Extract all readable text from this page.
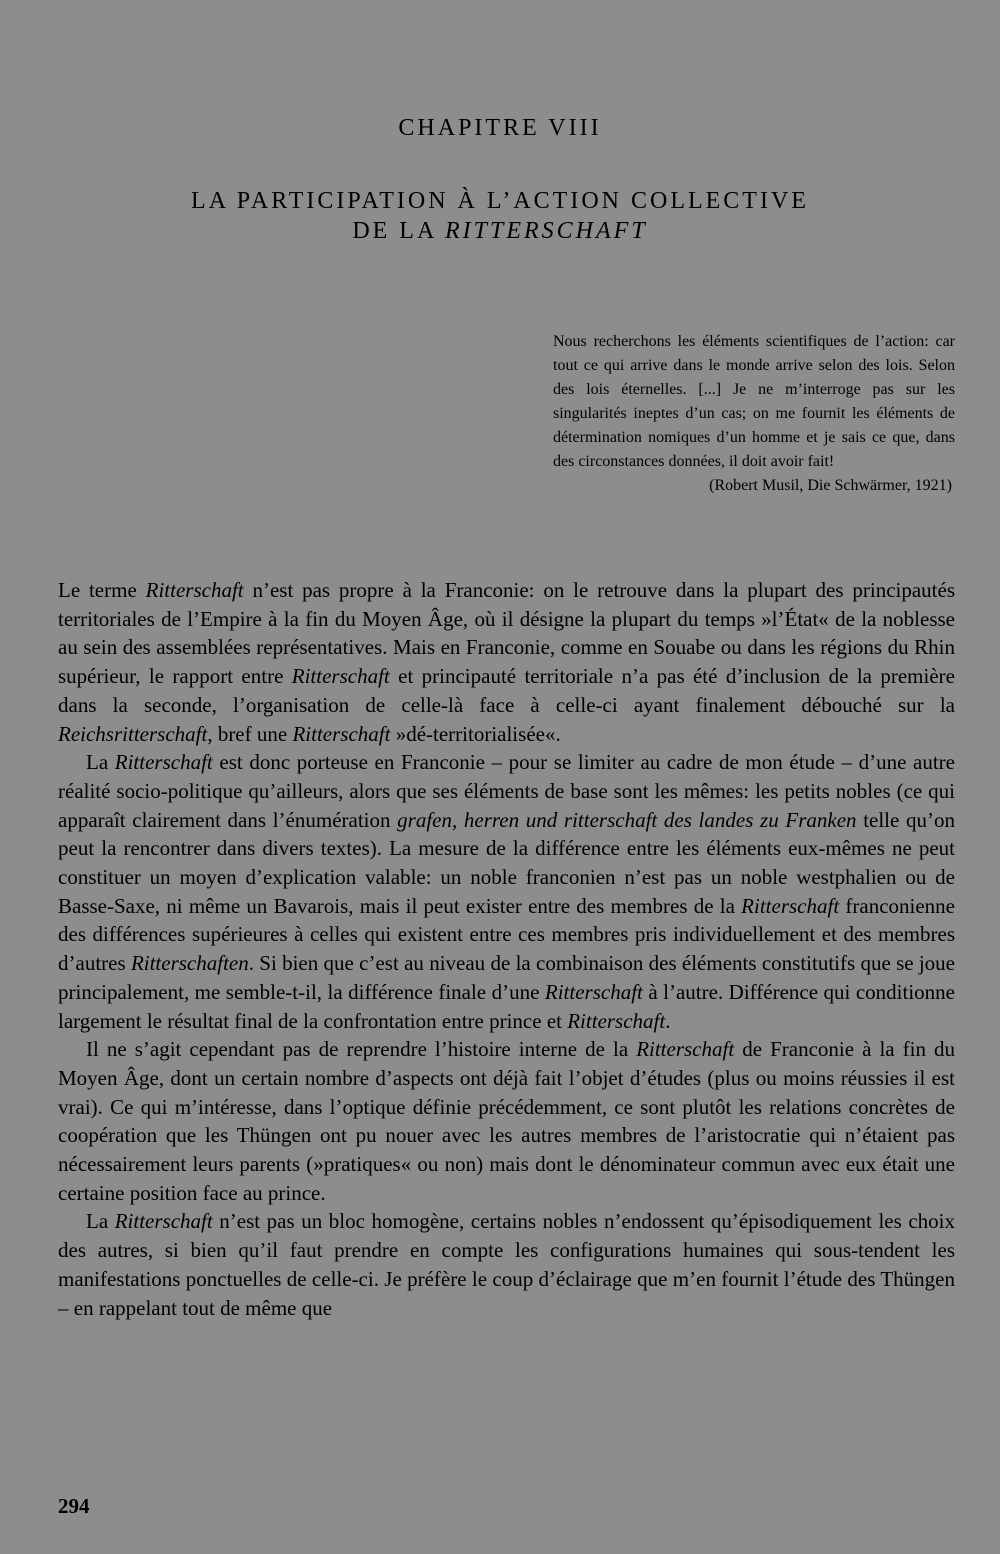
CHAPITRE VIII
LA PARTICIPATION À L’ACTION COLLECTIVE
DE LA RITTERSCHAFT

Nous recherchons les éléments scientifiques de l’action: car tout ce qui arrive dans le monde arrive selon des lois. Selon des lois éternelles. [...] Je ne m’interroge pas sur les singularités ineptes d’un cas; on me fournit les éléments de détermination nomiques d’un homme et je sais ce que, dans des circonstances données, il doit avoir fait!

(Robert Musil, Die Schwärmer, 1921)

Le terme Ritterschaft n’est pas propre à la Franconie: on le retrouve dans la plupart des principautés territoriales de l’Empire à la fin du Moyen Âge, où il désigne la plupart du temps »l’État« de la noblesse au sein des assemblées représentatives. Mais en Franconie, comme en Souabe ou dans les régions du Rhin supérieur, le rapport entre Ritterschaft et principauté territoriale n’a pas été d’inclusion de la première dans la seconde, l’organisation de celle-là face à celle-ci ayant finalement débouché sur la Reichsritterschaft, bref une Ritterschaft »dé-territorialisée«.

La Ritterschaft est donc porteuse en Franconie – pour se limiter au cadre de mon étude – d’une autre réalité socio-politique qu’ailleurs, alors que ses éléments de base sont les mêmes: les petits nobles (ce qui apparaît clairement dans l’énumération grafen, herren und ritterschaft des landes zu Franken telle qu’on peut la rencontrer dans divers textes). La mesure de la différence entre les éléments eux-mêmes ne peut constituer un moyen d’explication valable: un noble franconien n’est pas un noble westphalien ou de Basse-Saxe, ni même un Bavarois, mais il peut exister entre des membres de la Ritterschaft franconienne des différences supérieures à celles qui existent entre ces membres pris individuellement et des membres d’autres Ritterschaften. Si bien que c’est au niveau de la combinaison des éléments constitutifs que se joue principalement, me semble-t-il, la différence finale d’une Ritterschaft à l’autre. Différence qui conditionne largement le résultat final de la confrontation entre prince et Ritterschaft.

Il ne s’agit cependant pas de reprendre l’histoire interne de la Ritterschaft de Franconie à la fin du Moyen Âge, dont un certain nombre d’aspects ont déjà fait l’objet d’études (plus ou moins réussies il est vrai). Ce qui m’intéresse, dans l’optique définie précédemment, ce sont plutôt les relations concrètes de coopération que les Thüngen ont pu nouer avec les autres membres de l’aristocratie qui n’étaient pas nécessairement leurs parents (»pratiques« ou non) mais dont le dénominateur commun avec eux était une certaine position face au prince.

La Ritterschaft n’est pas un bloc homogène, certains nobles n’endossent qu’épisodiquement les choix des autres, si bien qu’il faut prendre en compte les configurations humaines qui sous-tendent les manifestations ponctuelles de celle-ci. Je préfère le coup d’éclairage que m’en fournit l’étude des Thüngen – en rappelant tout de même que

294
